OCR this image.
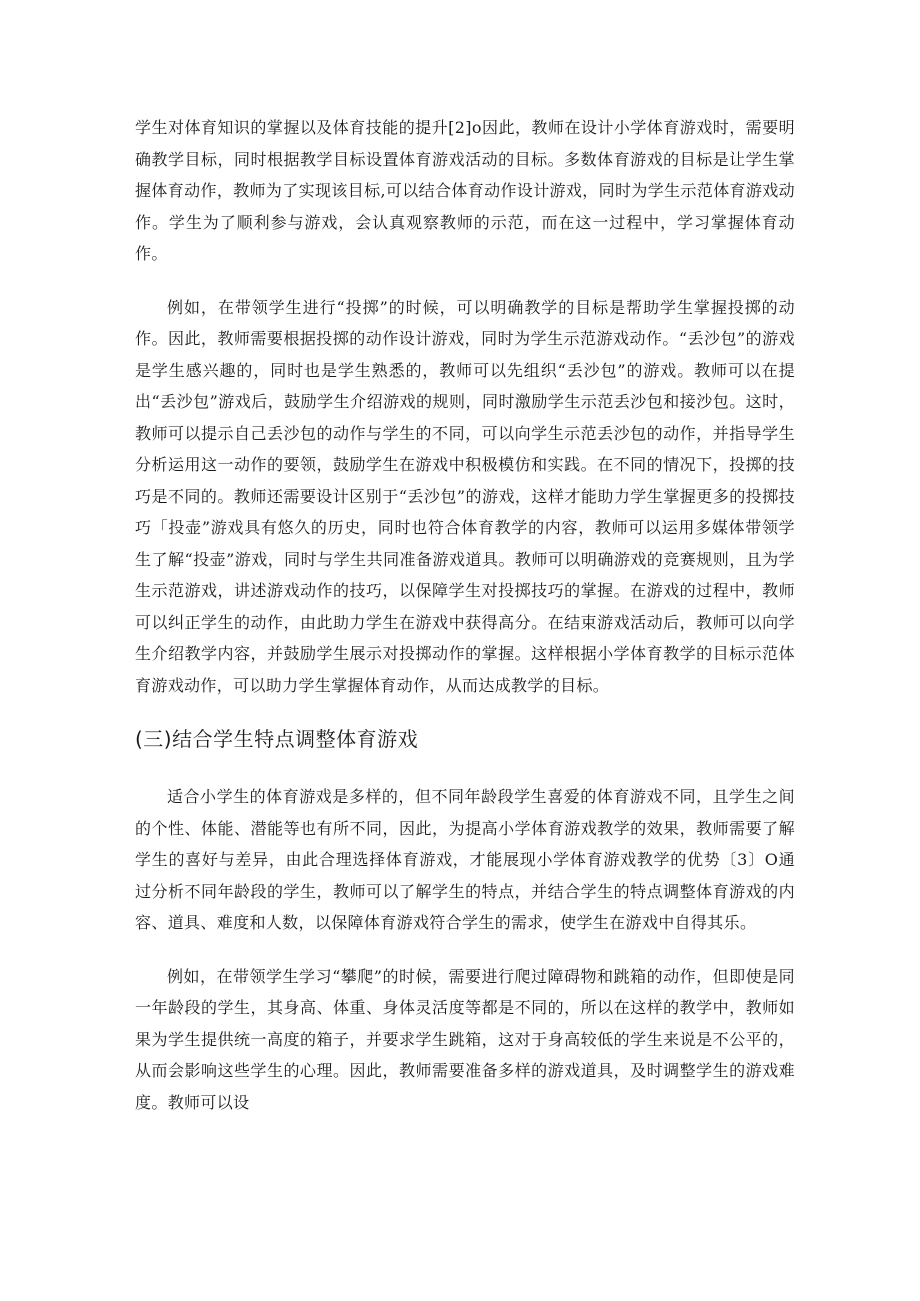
学生对体育知识的掌握以及体育技能的提升[2]o因此，教师在设计小学体育游戏时，需要明确教学目标，同时根据教学目标设置体育游戏活动的目标。多数体育游戏的目标是让学生掌握体育动作，教师为了实现该目标,可以结合体育动作设计游戏，同时为学生示范体育游戏动作。学生为了顺利参与游戏，会认真观察教师的示范，而在这一过程中，学习掌握体育动作。

例如，在带领学生进行“投掷”的时候，可以明确教学的目标是帮助学生掌握投掷的动作。因此，教师需要根据投掷的动作设计游戏，同时为学生示范游戏动作。“丢沙包”的游戏是学生感兴趣的，同时也是学生熟悉的，教师可以先组织“丢沙包”的游戏。教师可以在提出“丢沙包”游戏后，鼓励学生介绍游戏的规则，同时激励学生示范丢沙包和接沙包。这时，教师可以提示自己丢沙包的动作与学生的不同，可以向学生示范丢沙包的动作，并指导学生分析运用这一动作的要领，鼓励学生在游戏中积极模仿和实践。在不同的情况下，投掷的技巧是不同的。教师还需要设计区别于“丢沙包”的游戏，这样才能助力学生掌握更多的投掷技巧「投壶”游戏具有悠久的历史，同时也符合体育教学的内容，教师可以运用多媒体带领学生了解“投壶”游戏，同时与学生共同准备游戏道具。教师可以明确游戏的竞赛规则，且为学生示范游戏，讲述游戏动作的技巧，以保障学生对投掷技巧的掌握。在游戏的过程中，教师可以纠正学生的动作，由此助力学生在游戏中获得高分。在结束游戏活动后，教师可以向学生介绍教学内容，并鼓励学生展示对投掷动作的掌握。这样根据小学体育教学的目标示范体育游戏动作，可以助力学生掌握体育动作，从而达成教学的目标。

(三)结合学生特点调整体育游戏

适合小学生的体育游戏是多样的，但不同年龄段学生喜爱的体育游戏不同，且学生之间的个性、体能、潜能等也有所不同，因此，为提高小学体育游戏教学的效果，教师需要了解学生的喜好与差异，由此合理选择体育游戏，才能展现小学体育游戏教学的优势〔3〕O通过分析不同年龄段的学生，教师可以了解学生的特点，并结合学生的特点调整体育游戏的内容、道具、难度和人数，以保障体育游戏符合学生的需求，使学生在游戏中自得其乐。

例如，在带领学生学习“攀爬”的时候，需要进行爬过障碍物和跳箱的动作，但即使是同一年龄段的学生，其身高、体重、身体灵活度等都是不同的，所以在这样的教学中，教师如果为学生提供统一高度的箱子，并要求学生跳箱，这对于身高较低的学生来说是不公平的，从而会影响这些学生的心理。因此，教师需要准备多样的游戏道具，及时调整学生的游戏难度。教师可以设
